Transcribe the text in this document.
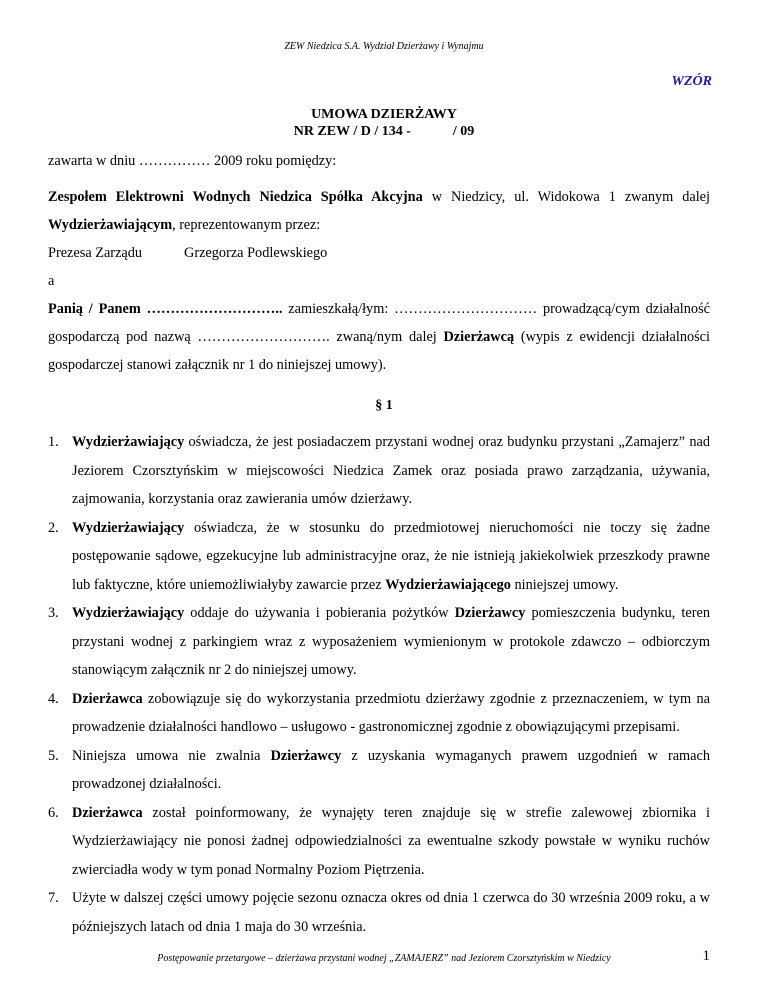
ZEW Niedzica S.A. Wydział Dzierżawy i Wynajmu
WZÓR
UMOWA DZIERŻAWY
NR ZEW / D / 134 -            / 09

zawarta w dniu …………… 2009 roku pomiędzy:

Zespołem Elektrowni Wodnych Niedzica Spółka Akcyjna w Niedzicy, ul. Widokowa 1 zwanym dalej Wydzierżawiającym, reprezentowanym przez:

Prezesa Zarządu	Grzegorza Podlewskiego

a

Panią / Panem ……………………….. zamieszkałą/łym: ………………………… prowadzącą/cym działalność gospodarczą pod nazwą ………………………. zwaną/nym dalej Dzierżawcą (wypis z ewidencji działalności gospodarczej stanowi załącznik nr 1 do niniejszej umowy).

§ 1
1. Wydzierżawiający oświadcza, że jest posiadaczem przystani wodnej oraz budynku przystani „Zamajerz” nad Jeziorem Czorsztyńskim w miejscowości Niedzica Zamek oraz posiada prawo zarządzania, używania, zajmowania, korzystania oraz zawierania umów dzierżawy.
2. Wydzierżawiający oświadcza, że w stosunku do przedmiotowej nieruchomości nie toczy się żadne postępowanie sądowe, egzekucyjne lub administracyjne oraz, że nie istnieją jakiekolwiek przeszkody prawne lub faktyczne, które uniemożliwiałyby zawarcie przez Wydzierżawiającego niniejszej umowy.
3. Wydzierżawiający oddaje do używania i pobierania pożytków Dzierżawcy pomieszczenia budynku, teren przystani wodnej z parkingiem wraz z wyposażeniem wymienionym w protokole zdawczo – odbiorczym stanowiącym załącznik nr 2 do niniejszej umowy.
4. Dzierżawca zobowiązuje się do wykorzystania przedmiotu dzierżawy zgodnie z przeznaczeniem, w tym na prowadzenie działalności handlowo – usługowo - gastronomicznej zgodnie z obowiązującymi przepisami.
5. Niniejsza umowa nie zwalnia Dzierżawcy z uzyskania wymaganych prawem uzgodnień w ramach prowadzonej działalności.
6. Dzierżawca został poinformowany, że wynajęty teren znajduje się w strefie zalewowej zbiornika i Wydzierżawiający nie ponosi żadnej odpowiedzialności za ewentualne szkody powstałe w wyniku ruchów zwierciadła wody w tym ponad Normalny Poziom Piętrzenia.
7. Użyte w dalszej części umowy pojęcie sezonu oznacza okres od dnia 1 czerwca do 30 września 2009 roku, a w późniejszych latach od dnia 1 maja do 30 września.
Postępowanie przetargowe – dzierżawa przystani wodnej „ZAMAJERZ” nad Jeziorem Czorsztyńskim w Niedzicy	1
